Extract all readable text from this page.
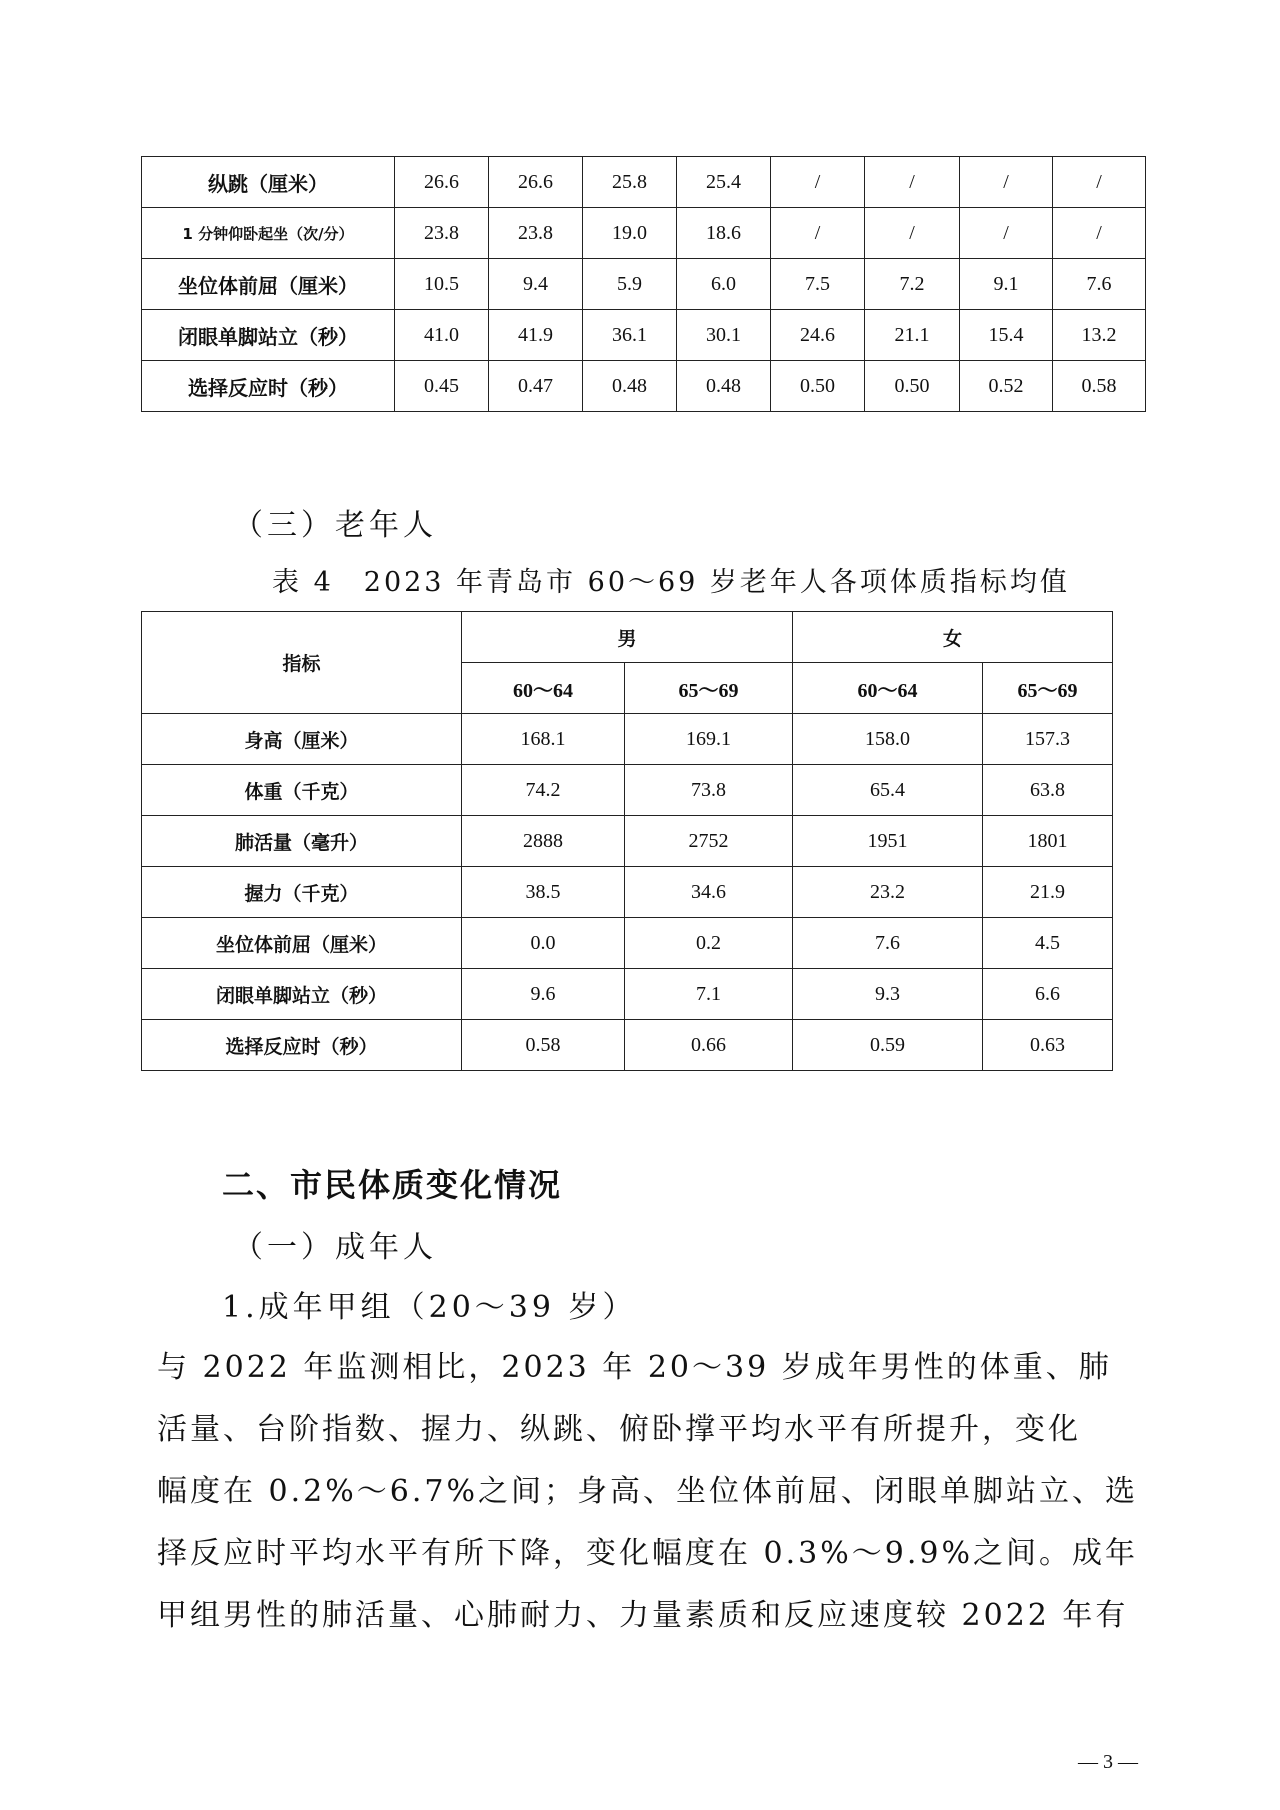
纵跳（厘米）	26.6	26.6	25.8	25.4	/	/	/	/
1 分钟仰卧起坐（次/分）	23.8	23.8	19.0	18.6	/	/	/	/
坐位体前屈（厘米）	10.5	9.4	5.9	6.0	7.5	7.2	9.1	7.6
闭眼单脚站立（秒）	41.0	41.9	36.1	30.1	24.6	21.1	15.4	13.2
选择反应时（秒）	0.45	0.47	0.48	0.48	0.50	0.50	0.52	0.58
（三）老年人
表 4　2023 年青岛市 60～69 岁老年人各项体质指标均值
指标	男		女	
	60～64	65～69	60～64	65～69
身高（厘米）	168.1	169.1	158.0	157.3
体重（千克）	74.2	73.8	65.4	63.8
肺活量（毫升）	2888	2752	1951	1801
握力（千克）	38.5	34.6	23.2	21.9
坐位体前屈（厘米）	0.0	0.2	7.6	4.5
闭眼单脚站立（秒）	9.6	7.1	9.3	6.6
选择反应时（秒）	0.58	0.66	0.59	0.63
二、市民体质变化情况
（一）成年人
1.成年甲组（20～39 岁）
与 2022 年监测相比，2023 年 20～39 岁成年男性的体重、肺
活量、台阶指数、握力、纵跳、俯卧撑平均水平有所提升，变化
幅度在 0.2%～6.7%之间；身高、坐位体前屈、闭眼单脚站立、选
择反应时平均水平有所下降，变化幅度在 0.3%～9.9%之间。成年
甲组男性的肺活量、心肺耐力、力量素质和反应速度较 2022 年有
— 3 —
